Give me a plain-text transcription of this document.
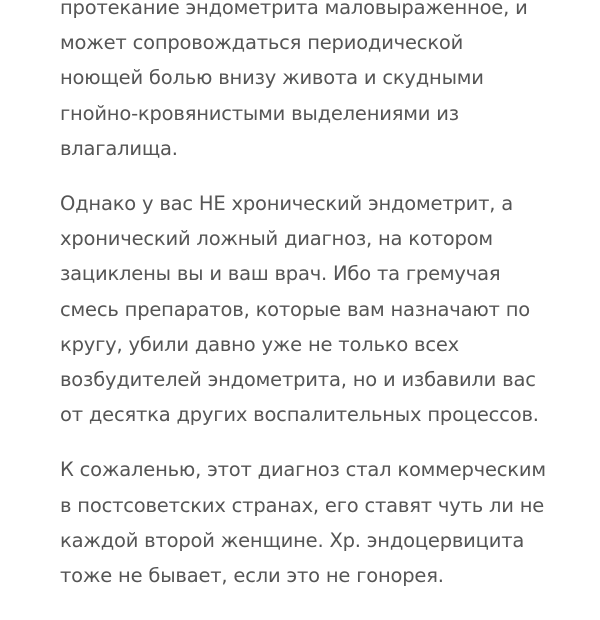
протекание эндометрита маловыраженное, и
может сопровождаться периодической
ноющей болью внизу живота и скудными
гнойно-кровянистыми выделениями из
влагалища.

Однако у вас НЕ хронический эндометрит, а
хронический ложный диагноз, на котором
зациклены вы и ваш врач. Ибо та гремучая
смесь препаратов, которые вам назначают по
кругу, убили давно уже не только всех
возбудителей эндометрита, но и избавили вас
от десятка других воспалительных процессов.

К сожаленью, этот диагноз стал коммерческим
в постсоветских странах, его ставят чуть ли не
каждой второй женщине. Хр. эндоцервицита
тоже не бывает, если это не гонорея.
